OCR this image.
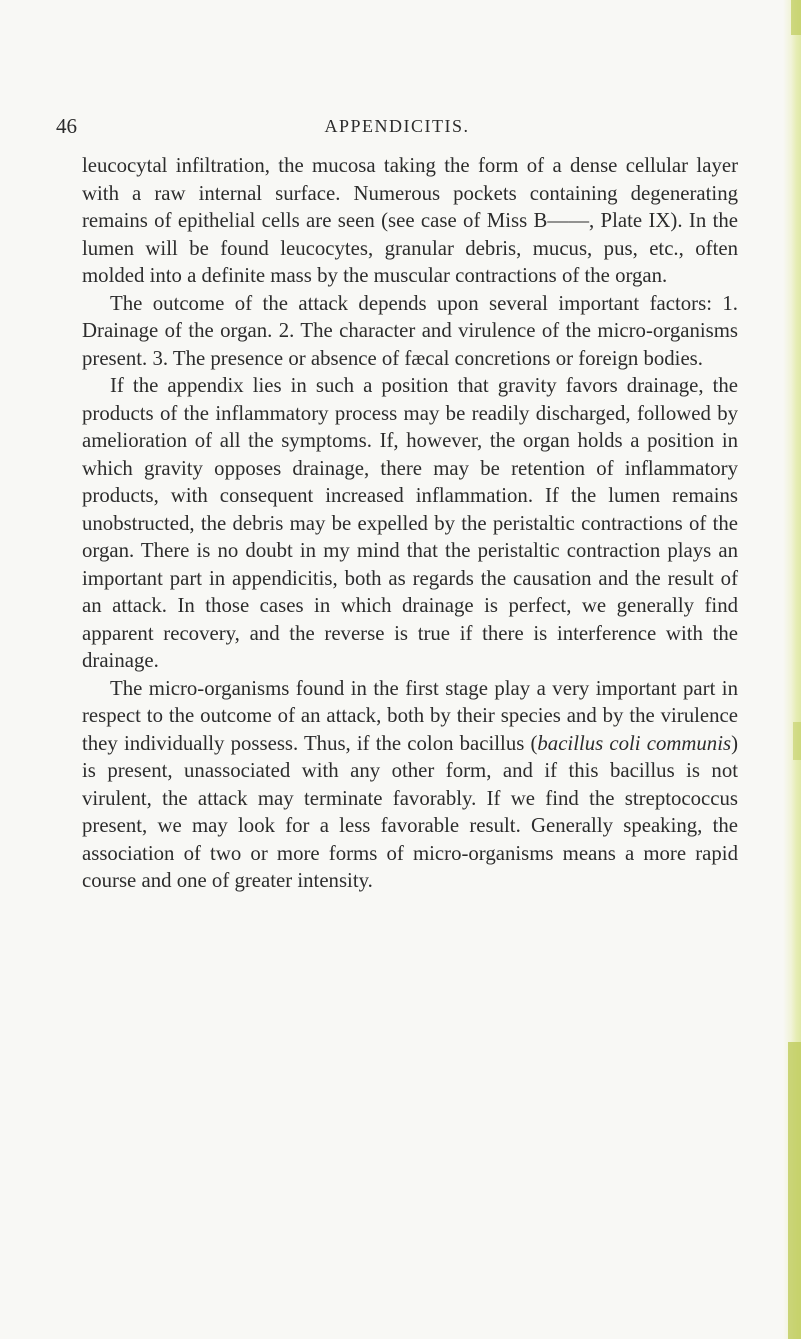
46	APPENDICITIS.

leucocytal infiltration, the mucosa taking the form of a dense cellular layer with a raw internal surface. Numerous pockets containing degenerating remains of epithelial cells are seen (see case of Miss B——, Plate IX). In the lumen will be found leucocytes, granular debris, mucus, pus, etc., often molded into a definite mass by the muscular contractions of the organ.

The outcome of the attack depends upon several important factors: 1. Drainage of the organ. 2. The character and virulence of the micro-organisms present. 3. The presence or absence of fæcal concretions or foreign bodies.

If the appendix lies in such a position that gravity favors drainage, the products of the inflammatory process may be readily discharged, followed by amelioration of all the symptoms. If, however, the organ holds a position in which gravity opposes drainage, there may be retention of inflammatory products, with consequent increased inflammation. If the lumen remains unobstructed, the debris may be expelled by the peristaltic contractions of the organ. There is no doubt in my mind that the peristaltic contraction plays an important part in appendicitis, both as regards the causation and the result of an attack. In those cases in which drainage is perfect, we generally find apparent recovery, and the reverse is true if there is interference with the drainage.

The micro-organisms found in the first stage play a very important part in respect to the outcome of an attack, both by their species and by the virulence they individually possess. Thus, if the colon bacillus (bacillus coli communis) is present, unassociated with any other form, and if this bacillus is not virulent, the attack may terminate favorably. If we find the streptococcus present, we may look for a less favorable result. Generally speaking, the association of two or more forms of micro-organisms means a more rapid course and one of greater intensity.
